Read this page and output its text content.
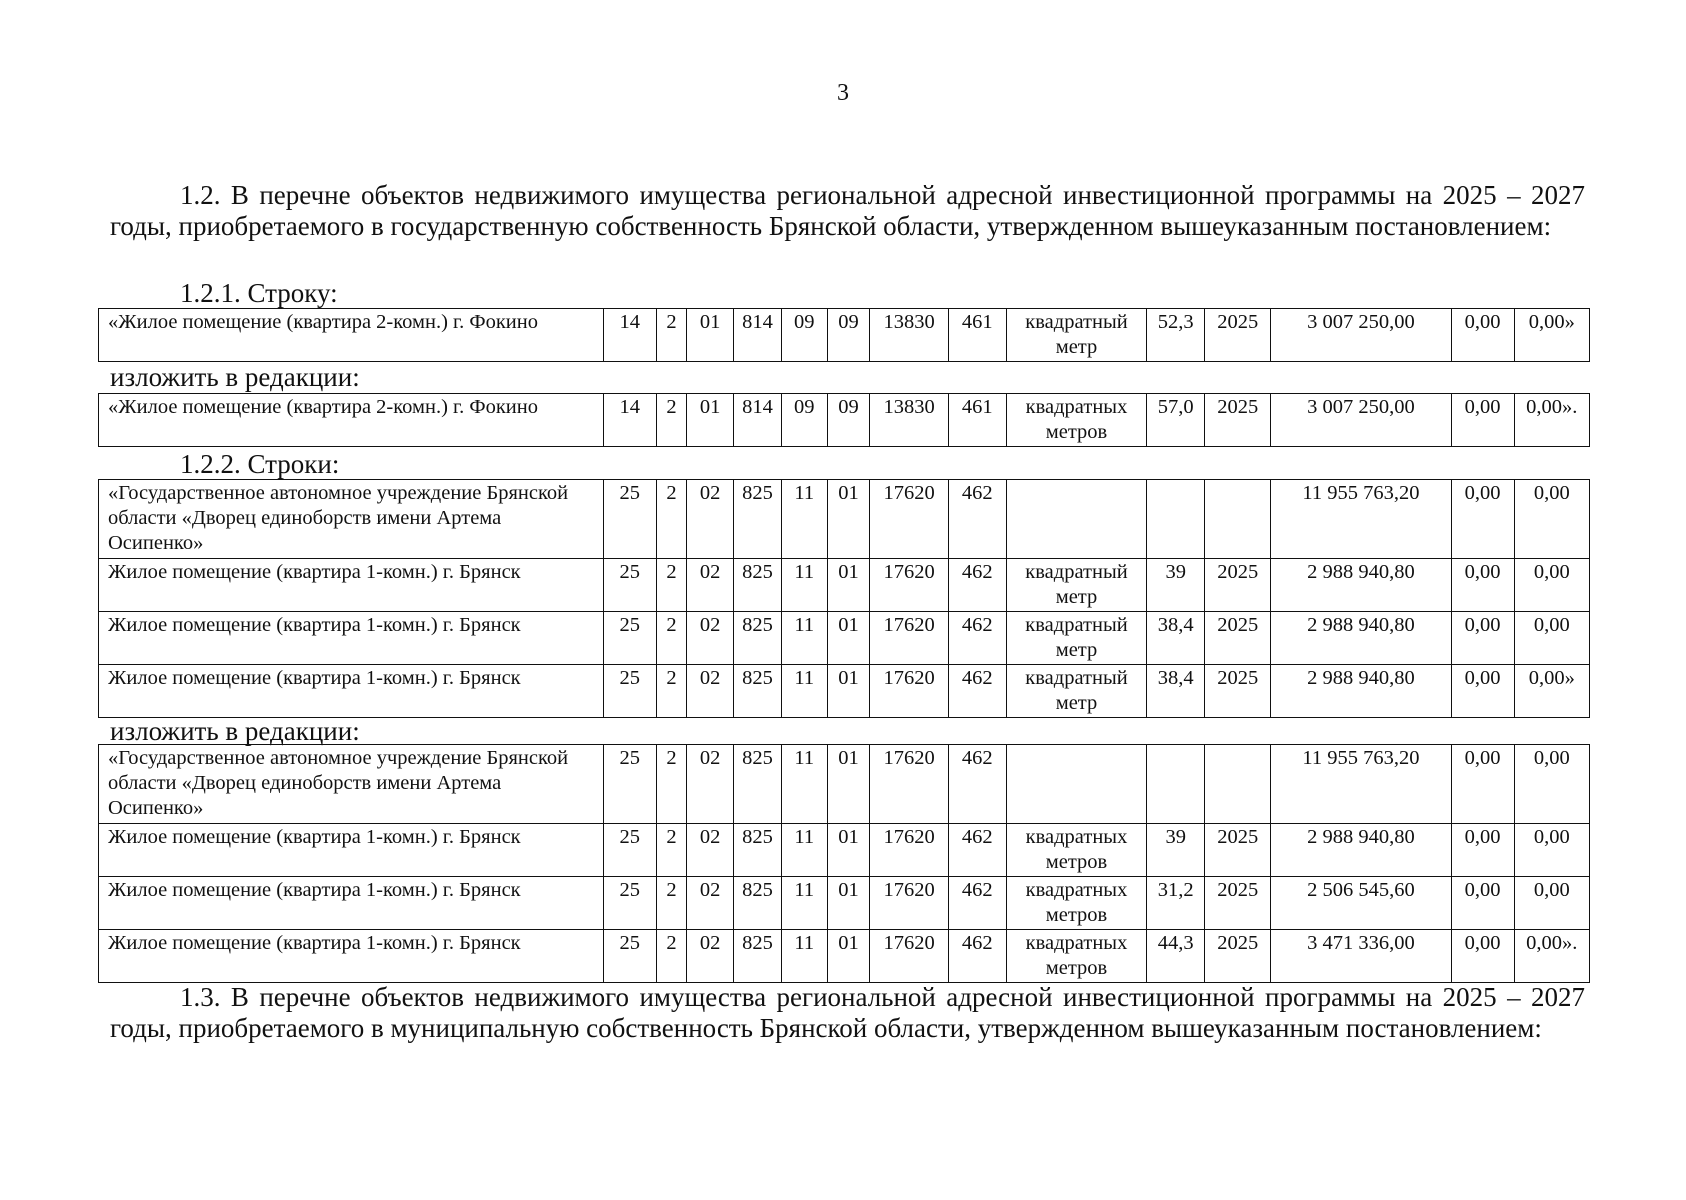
3
1.2. В перечне объектов недвижимого имущества региональной адресной инвестиционной программы на 2025 – 2027 годы, приобретаемого в государственную собственность Брянской области, утвержденном вышеуказанным постановлением:
1.2.1. Строку:
«Жилое помещение (квартира 2-комн.) г. Фокино	14	2	01	814	09	09	13830	461	квадратный метр	52,3	2025	3 007 250,00	0,00	0,00»
изложить в редакции:
«Жилое помещение (квартира 2-комн.) г. Фокино	14	2	01	814	09	09	13830	461	квадратных метров	57,0	2025	3 007 250,00	0,00	0,00».
1.2.2. Строки:
«Государственное автономное учреждение Брянской области «Дворец единоборств имени Артема Осипенко»	25	2	02	825	11	01	17620	462				11 955 763,20	0,00	0,00
Жилое помещение (квартира 1-комн.) г. Брянск	25	2	02	825	11	01	17620	462	квадратный метр	39	2025	2 988 940,80	0,00	0,00
Жилое помещение (квартира 1-комн.) г. Брянск	25	2	02	825	11	01	17620	462	квадратный метр	38,4	2025	2 988 940,80	0,00	0,00
Жилое помещение (квартира 1-комн.) г. Брянск	25	2	02	825	11	01	17620	462	квадратный метр	38,4	2025	2 988 940,80	0,00	0,00»
изложить в редакции:
«Государственное автономное учреждение Брянской области «Дворец единоборств имени Артема Осипенко»	25	2	02	825	11	01	17620	462				11 955 763,20	0,00	0,00
Жилое помещение (квартира 1-комн.) г. Брянск	25	2	02	825	11	01	17620	462	квадратных метров	39	2025	2 988 940,80	0,00	0,00
Жилое помещение (квартира 1-комн.) г. Брянск	25	2	02	825	11	01	17620	462	квадратных метров	31,2	2025	2 506 545,60	0,00	0,00
Жилое помещение (квартира 1-комн.) г. Брянск	25	2	02	825	11	01	17620	462	квадратных метров	44,3	2025	3 471 336,00	0,00	0,00».
1.3. В перечне объектов недвижимого имущества региональной адресной инвестиционной программы на 2025 – 2027 годы, приобретаемого в муниципальную собственность Брянской области, утвержденном вышеуказанным постановлением:
